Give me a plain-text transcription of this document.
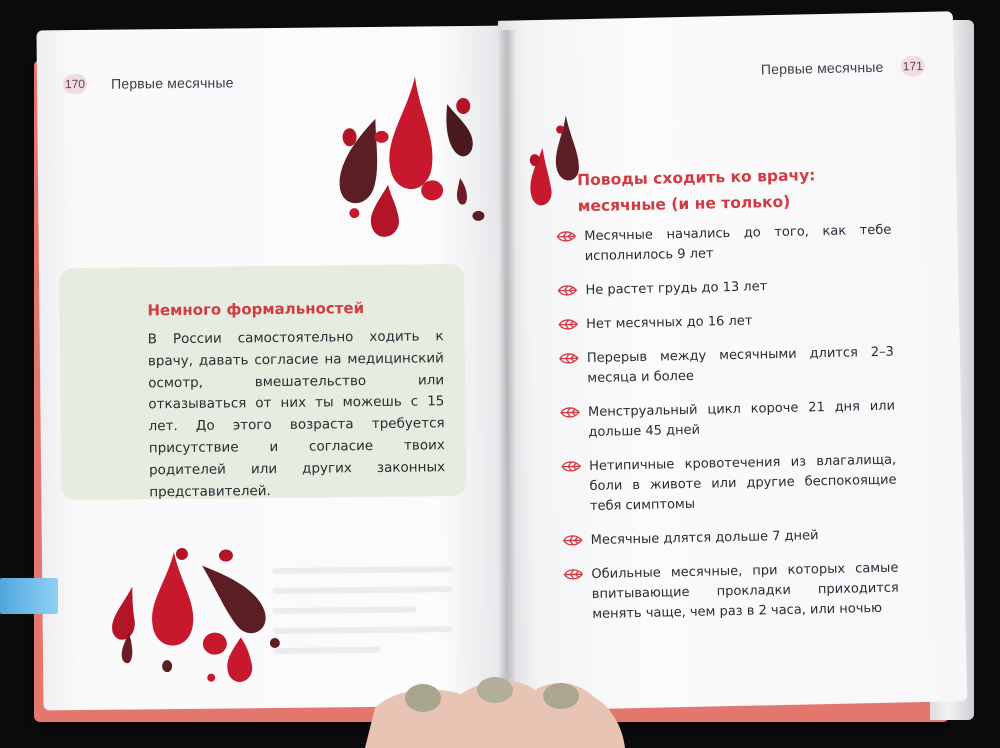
170 Первые месячные
Немного формальностей
В России самостоятельно ходить к врачу, давать согласие на медицинский осмотр, вмешательство или отказываться от них ты можешь с 15 лет. До этого возраста требуется присутствие и согласие твоих родителей или других законных представителей.
Первые месячные 171
Поводы сходить ко врачу: месячные (и не только)
Месячные начались до того, как тебе исполнилось 9 лет
Не растет грудь до 13 лет
Нет месячных до 16 лет
Перерыв между месячными длится 2–3 месяца и более
Менструальный цикл короче 21 дня или дольше 45 дней
Нетипичные кровотечения из влагалища, боли в животе или другие беспокоящие тебя симптомы
Месячные длятся дольше 7 дней
Обильные месячные, при которых самые впитывающие прокладки приходится менять чаще, чем раз в 2 часа, или ночью
